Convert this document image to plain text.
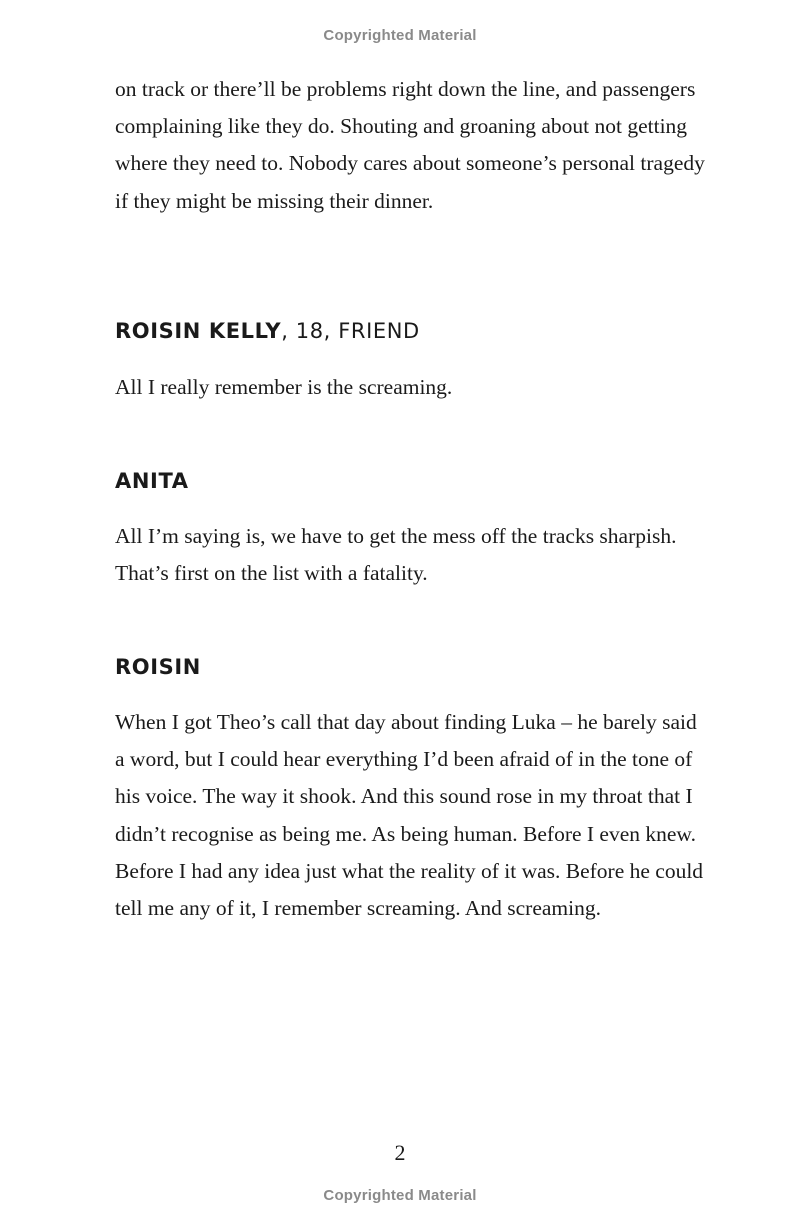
Copyrighted Material

on track or there’ll be problems right down the line, and passengers complaining like they do. Shouting and groaning about not getting where they need to. Nobody cares about someone’s personal tragedy if they might be missing their dinner.

ROISIN KELLY, 18, FRIEND

All I really remember is the screaming.

ANITA

All I’m saying is, we have to get the mess off the tracks sharpish. That’s first on the list with a fatality.

ROISIN

When I got Theo’s call that day about finding Luka – he barely said a word, but I could hear everything I’d been afraid of in the tone of his voice. The way it shook. And this sound rose in my throat that I didn’t recognise as being me. As being human. Before I even knew. Before I had any idea just what the reality of it was. Before he could tell me any of it, I remember screaming. And screaming.

2
Copyrighted Material
